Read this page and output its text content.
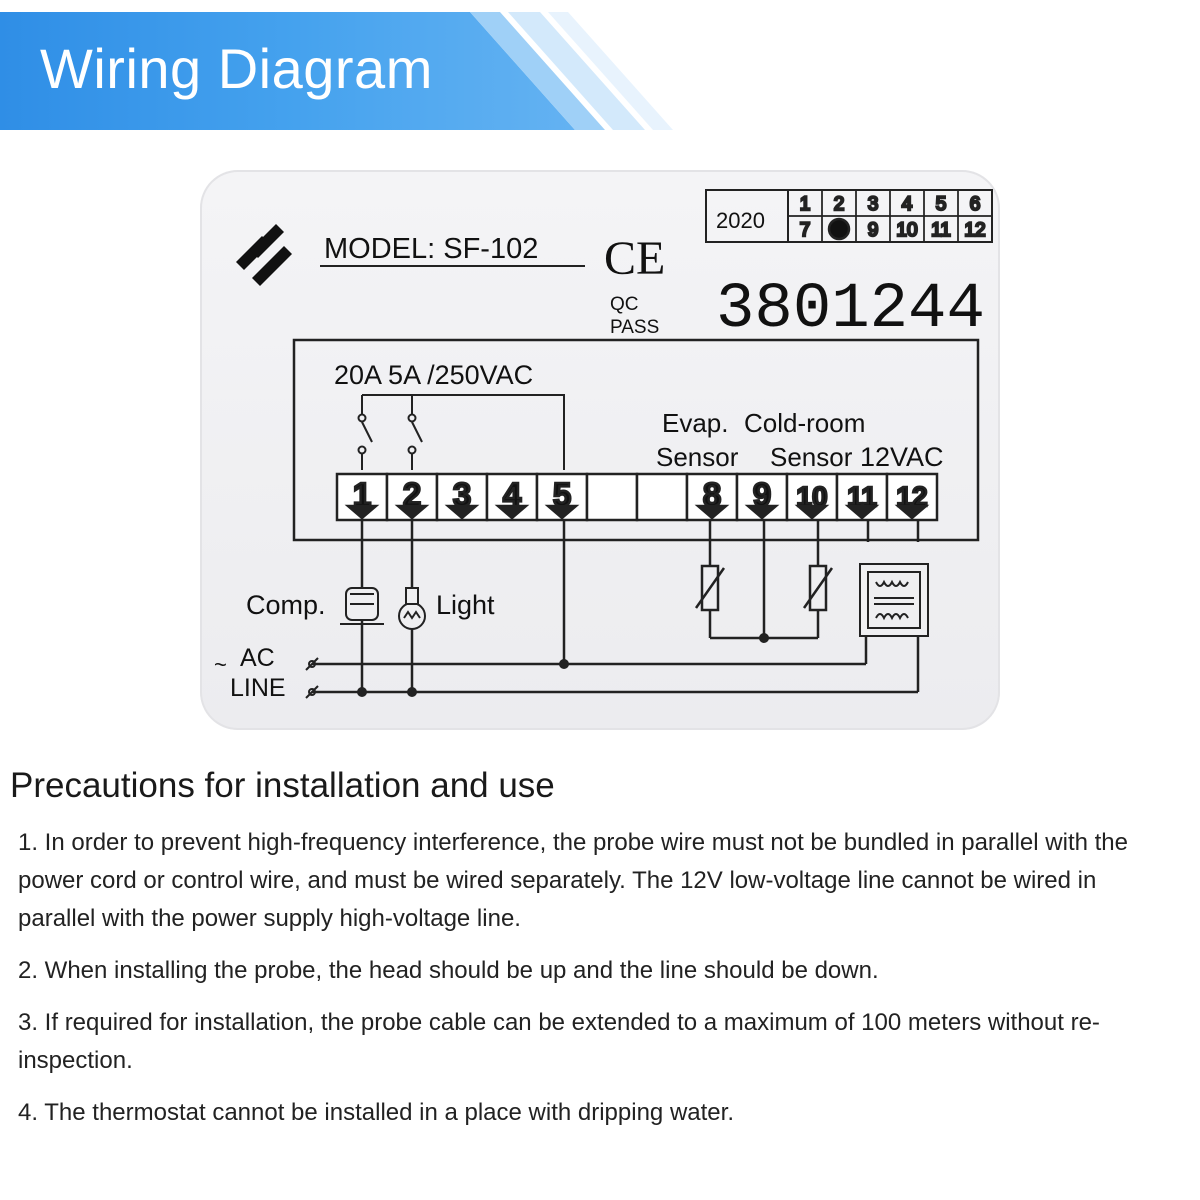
Wiring Diagram
1 2 3 4 5 6
7	9 10 11 12
1 2 3 4 5	8 9 10 11 12
MODEL: SF-102 CE
QC
PASS
2020
3801244
20A 5A /250VAC
Evap.
Sensor
Cold-room
Sensor 12VAC
Comp.	Light
~ AC
LINE
Precautions for installation and use
1. In order to prevent high-frequency interference, the probe wire must not be bundled in parallel with the power cord or control wire, and must be wired separately. The 12V low-voltage line cannot be wired in parallel with the power supply high-voltage line.
2. When installing the probe, the head should be up and the line should be down.
3. If required for installation, the probe cable can be extended to a maximum of 100 meters without re-inspection.
4. The thermostat cannot be installed in a place with dripping water.
